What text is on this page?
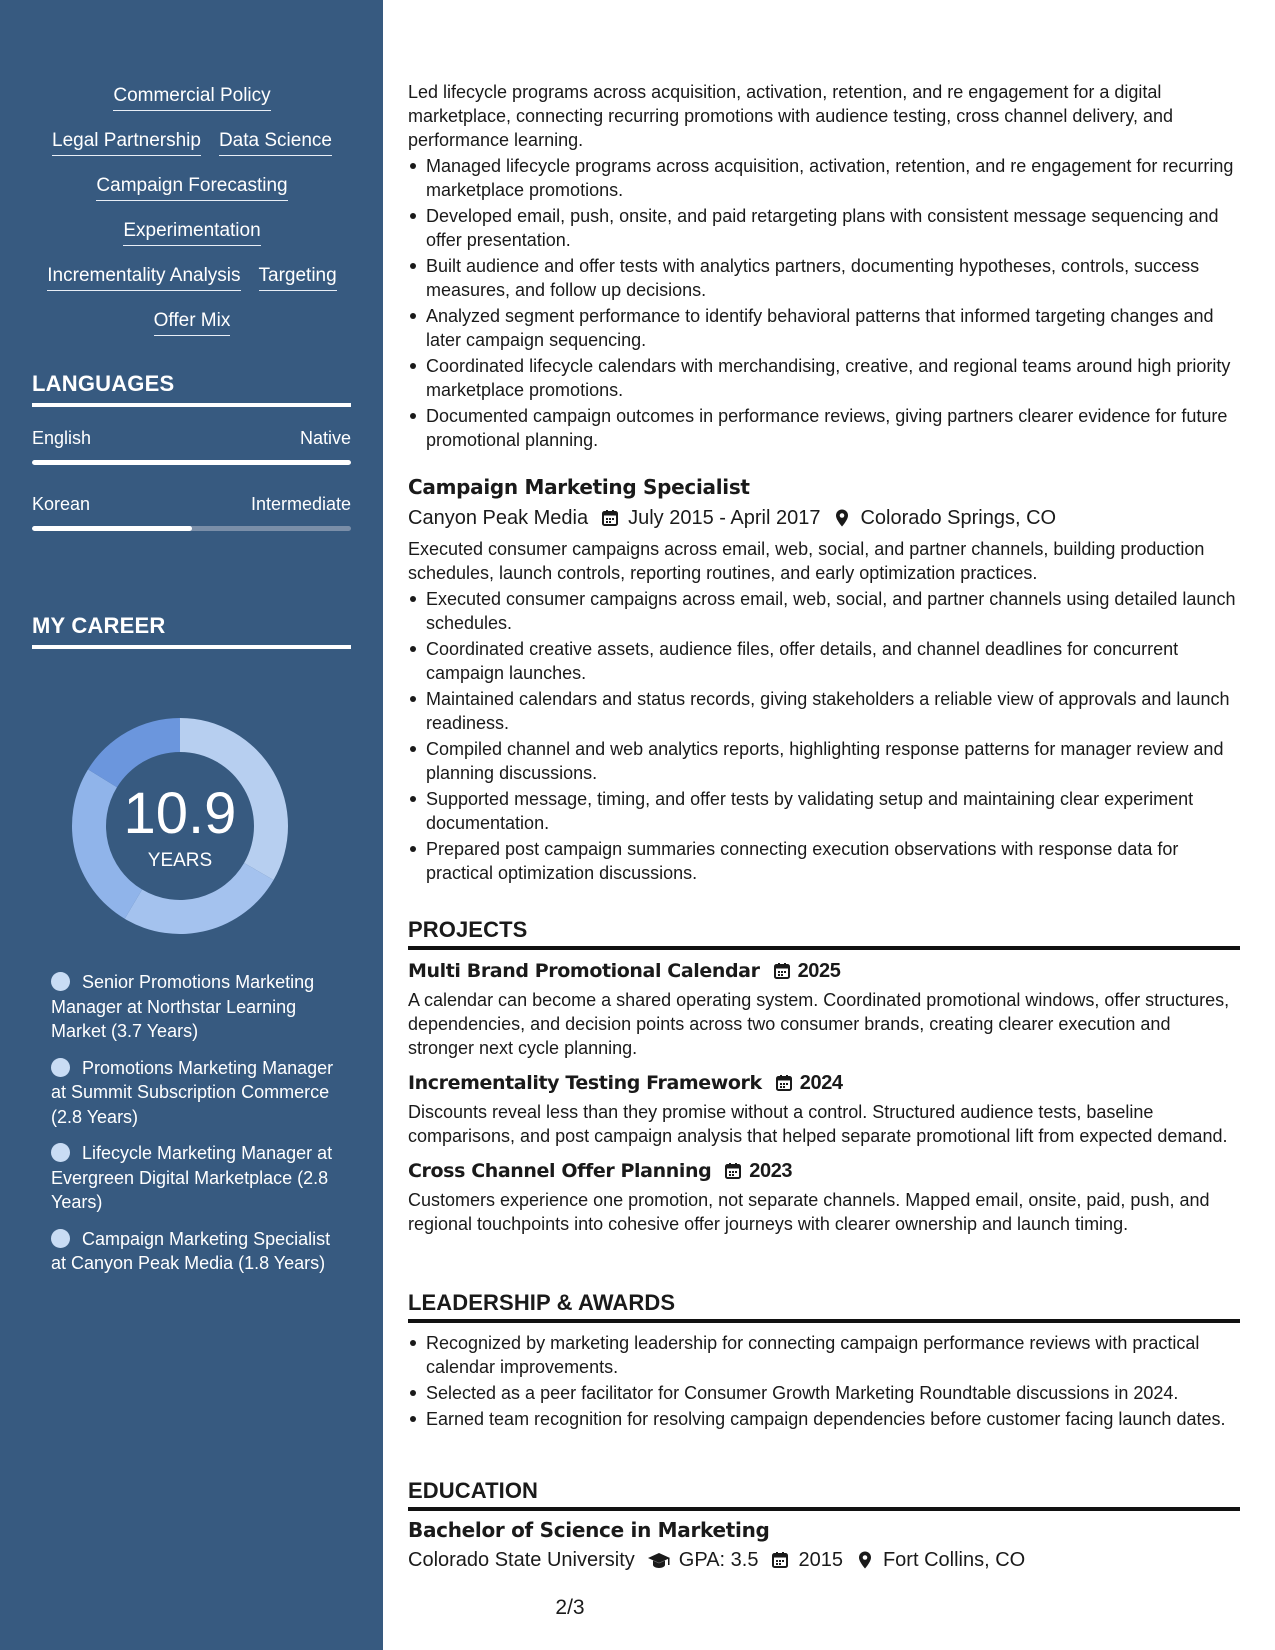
Commercial Policy
Legal Partnership Data Science
Campaign Forecasting
Experimentation
Incrementality Analysis Targeting
Offer Mix
LANGUAGES
English	Native
Korean	Intermediate
MY CAREER
10.9
YEARS
Senior Promotions Marketing Manager at Northstar Learning Market (3.7 Years)
Promotions Marketing Manager at Summit Subscription Commerce (2.8 Years)
Lifecycle Marketing Manager at Evergreen Digital Marketplace (2.8 Years)
Campaign Marketing Specialist at Canyon Peak Media (1.8 Years)

Led lifecycle programs across acquisition, activation, retention, and re engagement for a digital marketplace, connecting recurring promotions with audience testing, cross channel delivery, and performance learning.

Managed lifecycle programs across acquisition, activation, retention, and re engagement for recurring marketplace promotions.
Developed email, push, onsite, and paid retargeting plans with consistent message sequencing and offer presentation.
Built audience and offer tests with analytics partners, documenting hypotheses, controls, success measures, and follow up decisions.
Analyzed segment performance to identify behavioral patterns that informed targeting changes and later campaign sequencing.
Coordinated lifecycle calendars with merchandising, creative, and regional teams around high priority marketplace promotions.
Documented campaign outcomes in performance reviews, giving partners clearer evidence for future promotional planning.
Campaign Marketing Specialist
Canyon Peak Media July 2015 - April 2017 Colorado Springs, CO

Executed consumer campaigns across email, web, social, and partner channels, building production schedules, launch controls, reporting routines, and early optimization practices.

Executed consumer campaigns across email, web, social, and partner channels using detailed launch schedules.
Coordinated creative assets, audience files, offer details, and channel deadlines for concurrent campaign launches.
Maintained calendars and status records, giving stakeholders a reliable view of approvals and launch readiness.
Compiled channel and web analytics reports, highlighting response patterns for manager review and planning discussions.
Supported message, timing, and offer tests by validating setup and maintaining clear experiment documentation.
Prepared post campaign summaries connecting execution observations with response data for practical optimization discussions.
PROJECTS
Multi Brand Promotional Calendar 2025

A calendar can become a shared operating system. Coordinated promotional windows, offer structures, dependencies, and decision points across two consumer brands, creating clearer execution and stronger next cycle planning.

Incrementality Testing Framework 2024

Discounts reveal less than they promise without a control. Structured audience tests, baseline comparisons, and post campaign analysis that helped separate promotional lift from expected demand.

Cross Channel Offer Planning 2023

Customers experience one promotion, not separate channels. Mapped email, onsite, paid, push, and regional touchpoints into cohesive offer journeys with clearer ownership and launch timing.

LEADERSHIP & AWARDS
Recognized by marketing leadership for connecting campaign performance reviews with practical calendar improvements.
Selected as a peer facilitator for Consumer Growth Marketing Roundtable discussions in 2024.
Earned team recognition for resolving campaign dependencies before customer facing launch dates.
EDUCATION
Bachelor of Science in Marketing
Colorado State University GPA: 3.5 2015 Fort Collins, CO
2/3
